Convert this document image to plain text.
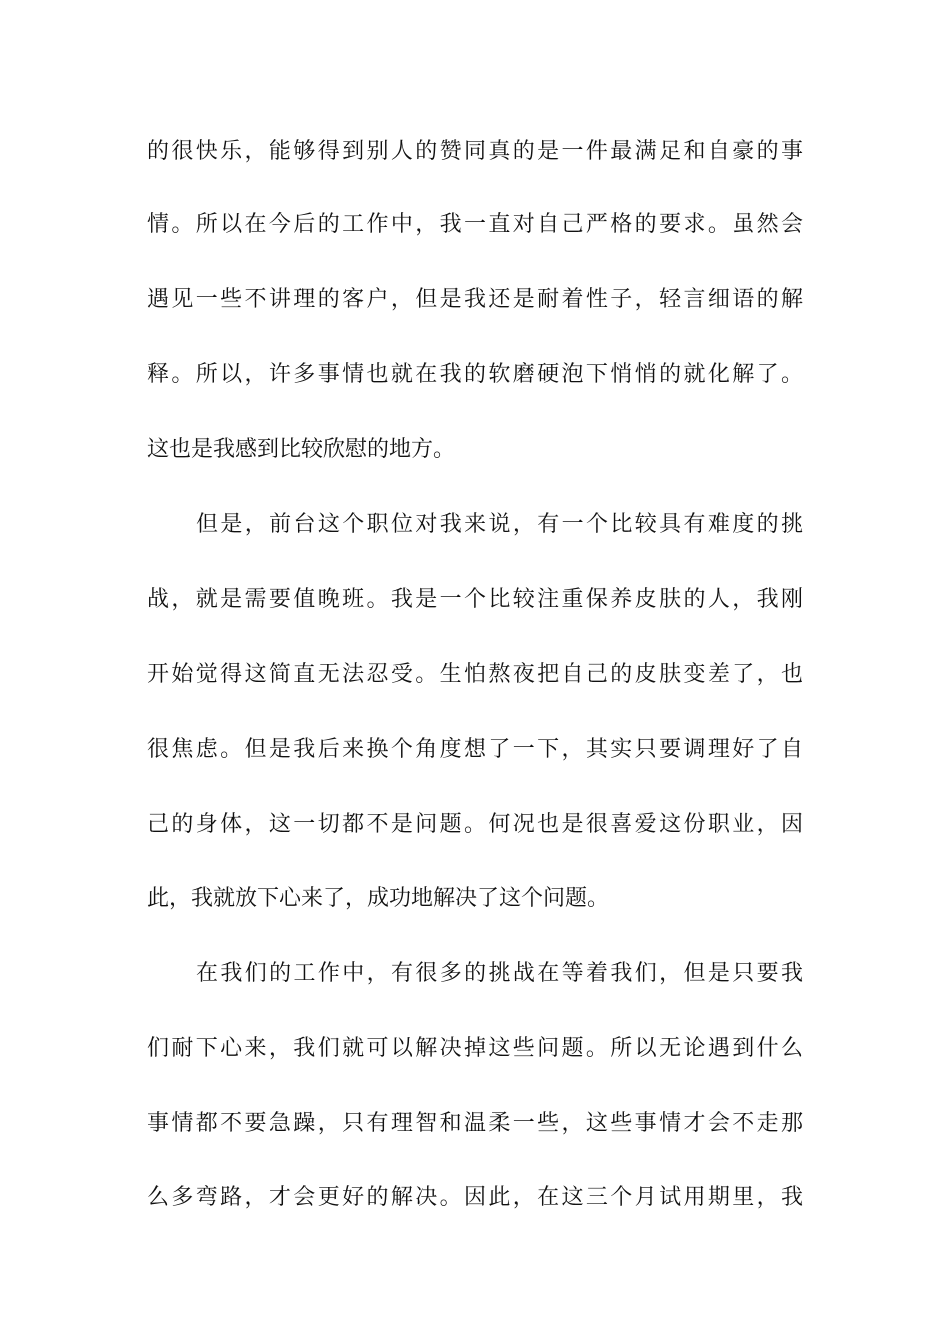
的很快乐，能够得到别人的赞同真的是一件最满足和自豪的事
情。所以在今后的工作中，我一直对自己严格的要求。虽然会
遇见一些不讲理的客户，但是我还是耐着性子，轻言细语的解
释。所以，许多事情也就在我的软磨硬泡下悄悄的就化解了。
这也是我感到比较欣慰的地方。
但是，前台这个职位对我来说，有一个比较具有难度的挑
战，就是需要值晚班。我是一个比较注重保养皮肤的人，我刚
开始觉得这简直无法忍受。生怕熬夜把自己的皮肤变差了，也
很焦虑。但是我后来换个角度想了一下，其实只要调理好了自
己的身体，这一切都不是问题。何况也是很喜爱这份职业，因
此，我就放下心来了，成功地解决了这个问题。
在我们的工作中，有很多的挑战在等着我们，但是只要我
们耐下心来，我们就可以解决掉这些问题。所以无论遇到什么
事情都不要急躁，只有理智和温柔一些，这些事情才会不走那
么多弯路，才会更好的解决。因此，在这三个月试用期里，我
